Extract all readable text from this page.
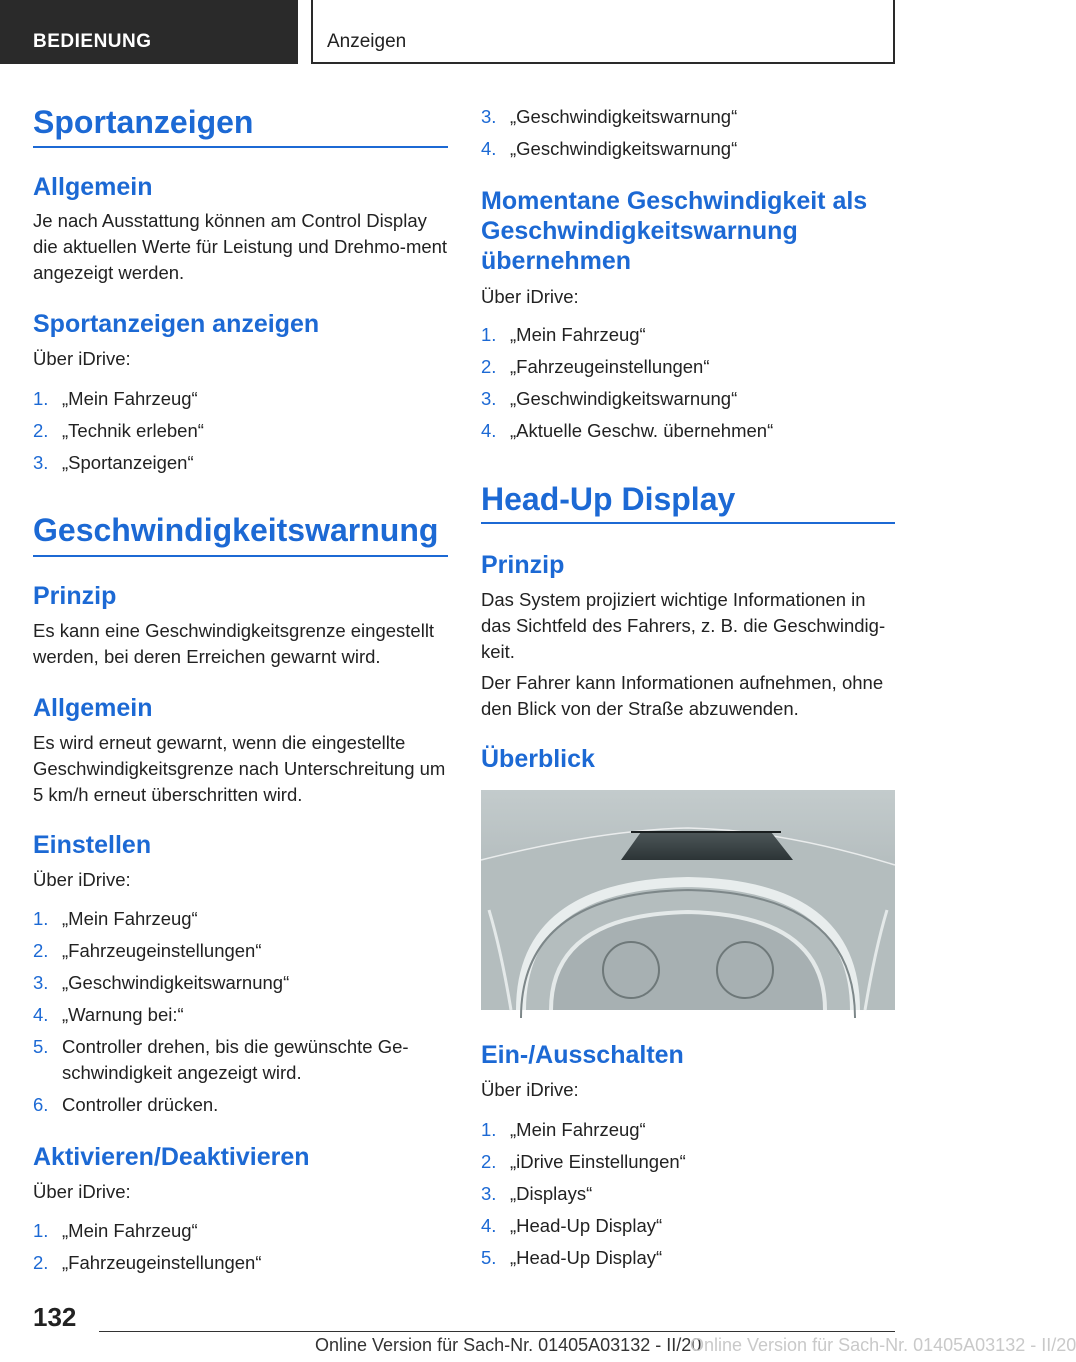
BEDIENUNG	Anzeigen
Sportanzeigen
Allgemein
Je nach Ausstattung können am Control Display die aktuellen Werte für Leistung und Drehmo-ment angezeigt werden.
Sportanzeigen anzeigen
Über iDrive:
1. „Mein Fahrzeug“
2. „Technik erleben“
3. „Sportanzeigen“
Geschwindigkeitswarnung
Prinzip
Es kann eine Geschwindigkeitsgrenze eingestellt werden, bei deren Erreichen gewarnt wird.
Allgemein
Es wird erneut gewarnt, wenn die eingestellte Geschwindigkeitsgrenze nach Unterschreitung um 5 km/h erneut überschritten wird.
Einstellen
Über iDrive:
1. „Mein Fahrzeug“
2. „Fahrzeugeinstellungen“
3. „Geschwindigkeitswarnung“
4. „Warnung bei:“
5. Controller drehen, bis die gewünschte Ge-schwindigkeit angezeigt wird.
6. Controller drücken.
Aktivieren/Deaktivieren
Über iDrive:
1. „Mein Fahrzeug“
2. „Fahrzeugeinstellungen“
3. „Geschwindigkeitswarnung“
4. „Geschwindigkeitswarnung“
Momentane Geschwindigkeit als Geschwindigkeitswarnung übernehmen
Über iDrive:
1. „Mein Fahrzeug“
2. „Fahrzeugeinstellungen“
3. „Geschwindigkeitswarnung“
4. „Aktuelle Geschw. übernehmen“
Head-Up Display
Prinzip
Das System projiziert wichtige Informationen in das Sichtfeld des Fahrers, z. B. die Geschwindig-keit.
Der Fahrer kann Informationen aufnehmen, ohne den Blick von der Straße abzuwenden.
Überblick
Ein-/Ausschalten
Über iDrive:
1. „Mein Fahrzeug“
2. „iDrive Einstellungen“
3. „Displays“
4. „Head-Up Display“
5. „Head-Up Display“
132
Online Version für Sach-Nr. 01405A03132 - II/20
Online Version für Sach-Nr. 01405A03132 - II/20
